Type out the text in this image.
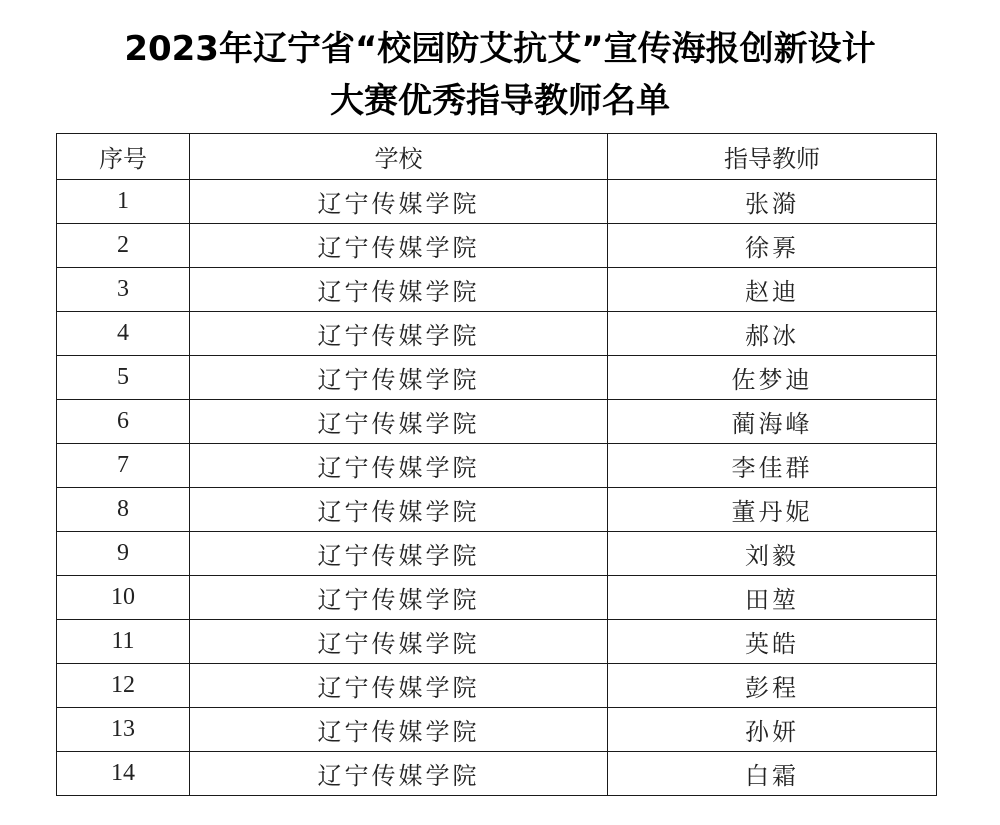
2023年辽宁省“校园防艾抗艾”宣传海报创新设计
大赛优秀指导教师名单
序号	学校	指导教师
1	辽宁传媒学院	张漪
2	辽宁传媒学院	徐奡
3	辽宁传媒学院	赵迪
4	辽宁传媒学院	郝冰
5	辽宁传媒学院	佐梦迪
6	辽宁传媒学院	蔺海峰
7	辽宁传媒学院	李佳群
8	辽宁传媒学院	董丹妮
9	辽宁传媒学院	刘毅
10	辽宁传媒学院	田堃
11	辽宁传媒学院	英皓
12	辽宁传媒学院	彭程
13	辽宁传媒学院	孙妍
14	辽宁传媒学院	白霜
